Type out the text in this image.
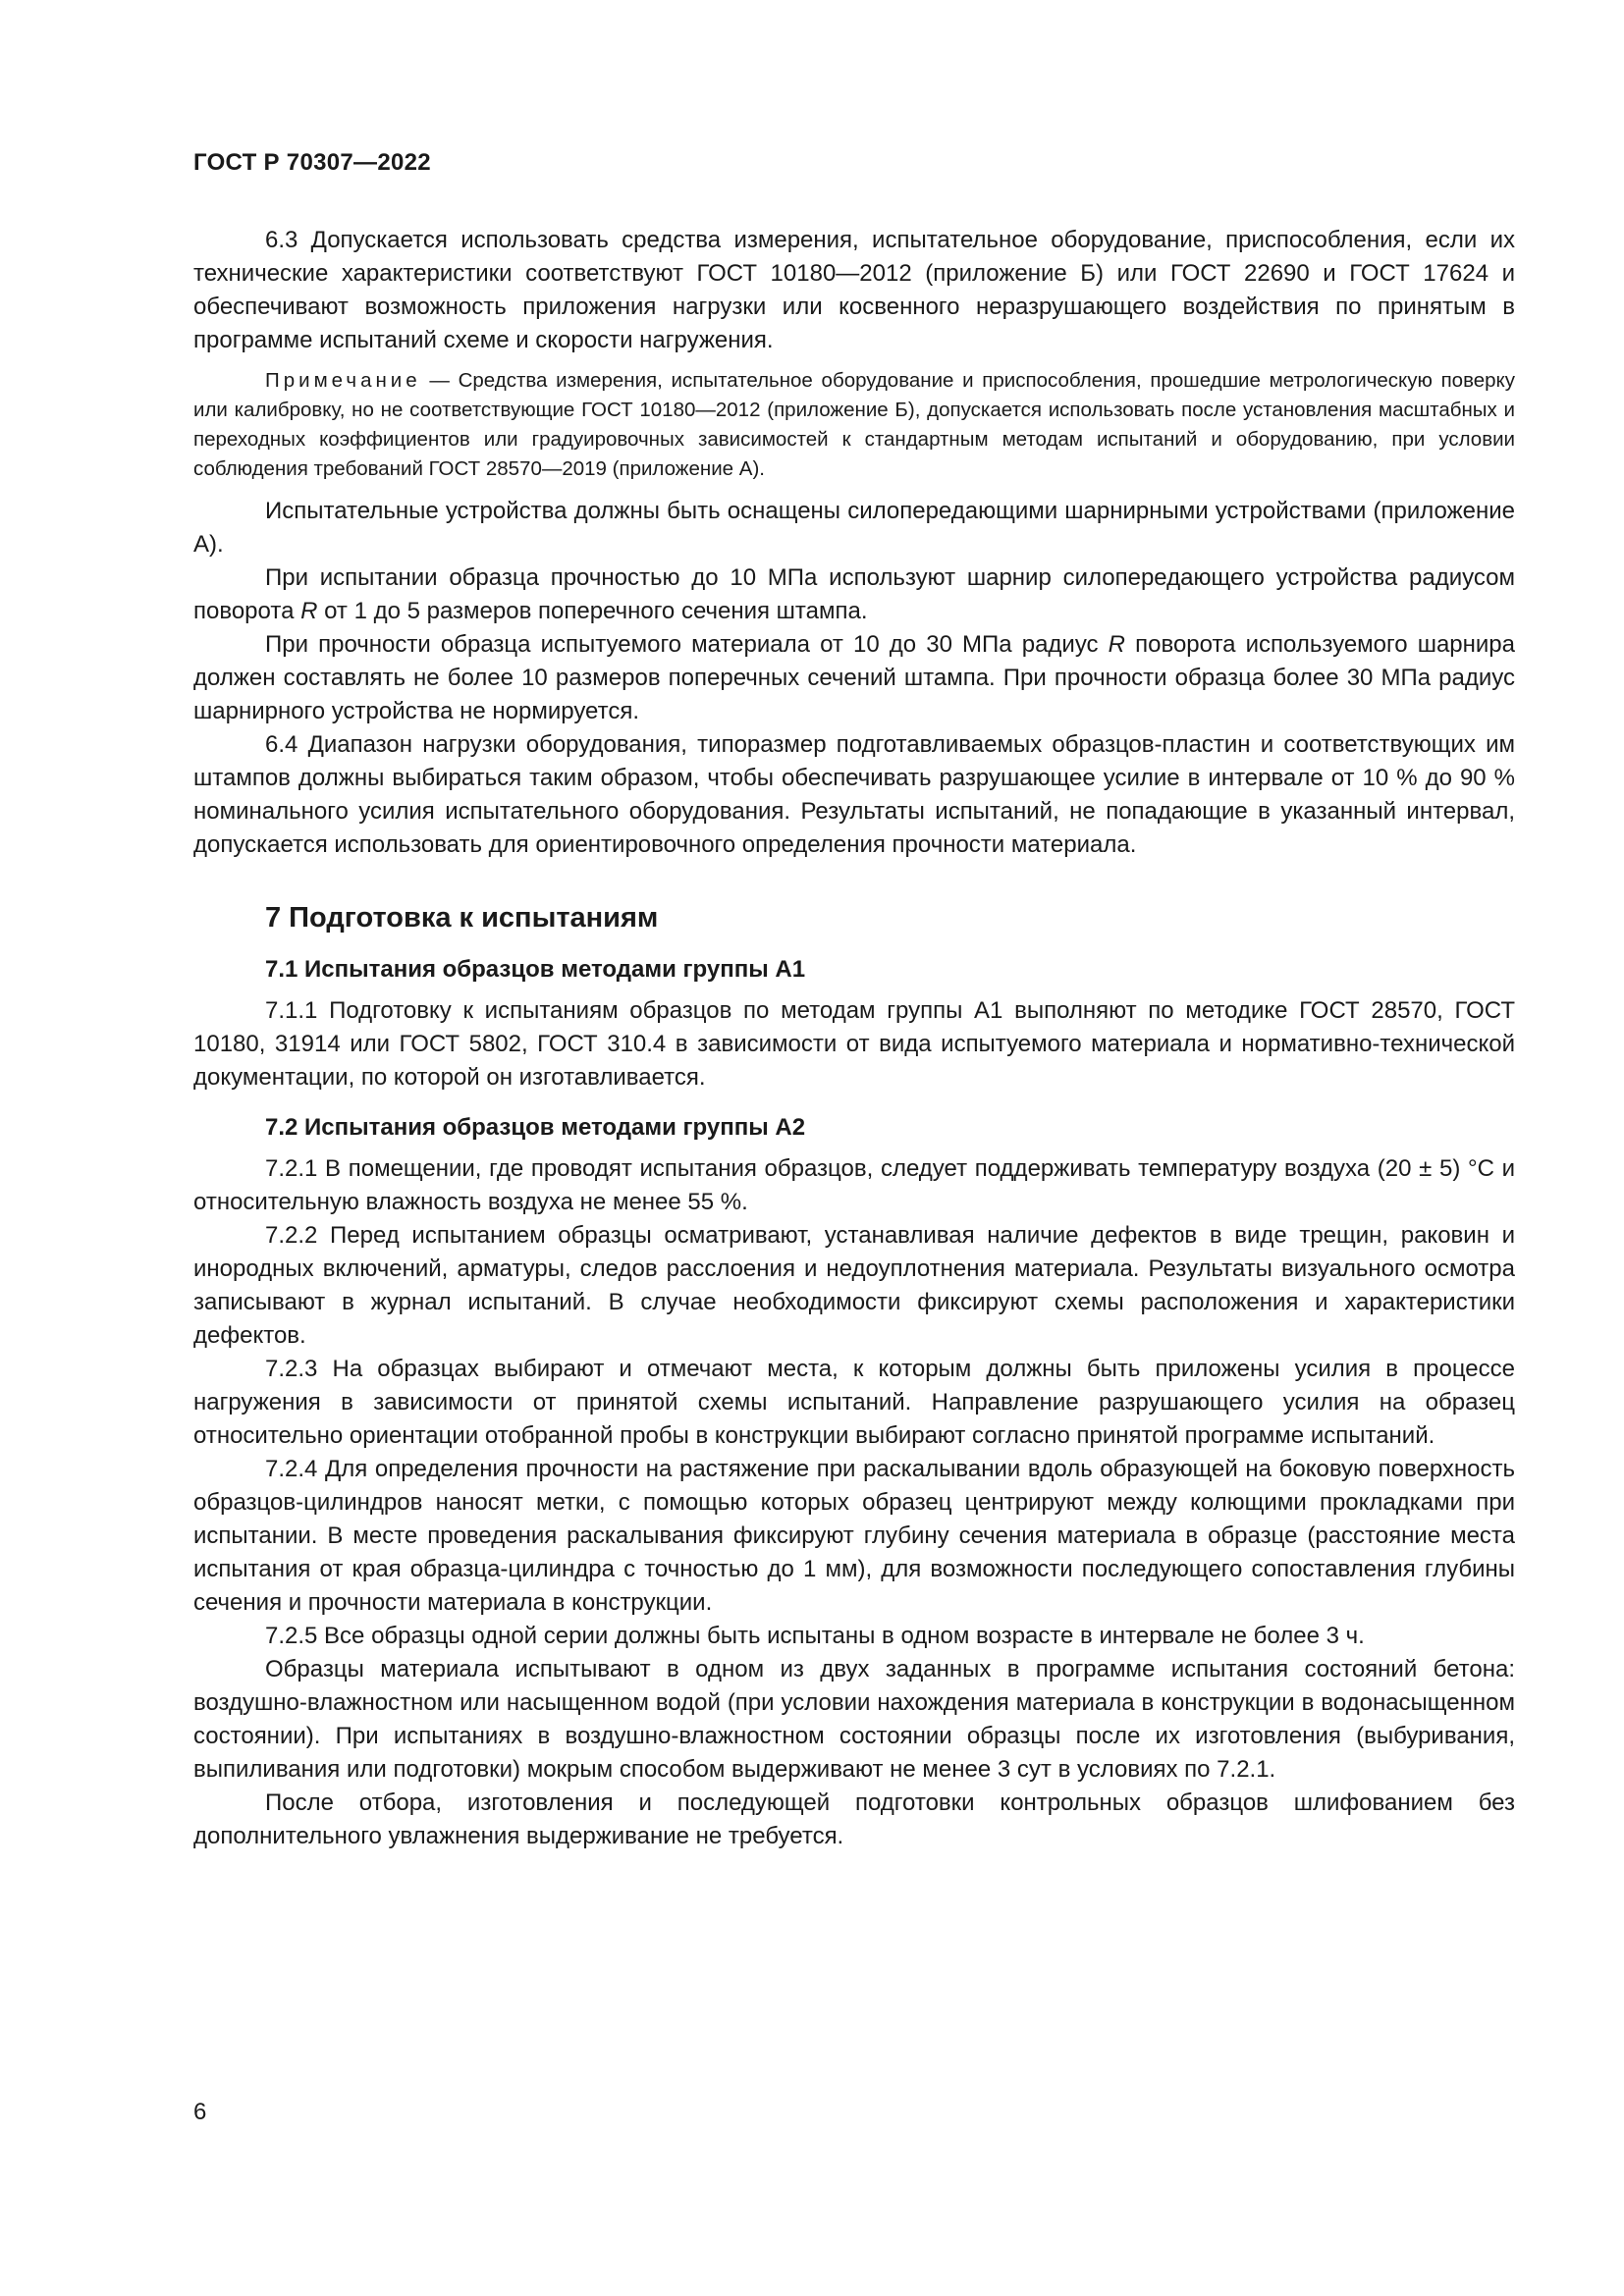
ГОСТ Р 70307—2022

6.3 Допускается использовать средства измерения, испытательное оборудование, приспособления, если их технические характеристики соответствуют ГОСТ 10180—2012 (приложение Б) или ГОСТ 22690 и ГОСТ 17624 и обеспечивают возможность приложения нагрузки или косвенного неразрушающего воздействия по принятым в программе испытаний схеме и скорости нагружения.

Примечание — Средства измерения, испытательное оборудование и приспособления, прошедшие метрологическую поверку или калибровку, но не соответствующие ГОСТ 10180—2012 (приложение Б), допускается использовать после установления масштабных и переходных коэффициентов или градуировочных зависимостей к стандартным методам испытаний и оборудованию, при условии соблюдения требований ГОСТ 28570—2019 (приложение А).

Испытательные устройства должны быть оснащены силопередающими шарнирными устройствами (приложение А).

При испытании образца прочностью до 10 МПа используют шарнир силопередающего устройства радиусом поворота R от 1 до 5 размеров поперечного сечения штампа.

При прочности образца испытуемого материала от 10 до 30 МПа радиус R поворота используемого шарнира должен составлять не более 10 размеров поперечных сечений штампа. При прочности образца более 30 МПа радиус шарнирного устройства не нормируется.

6.4 Диапазон нагрузки оборудования, типоразмер подготавливаемых образцов-пластин и соответствующих им штампов должны выбираться таким образом, чтобы обеспечивать разрушающее усилие в интервале от 10 % до 90 % номинального усилия испытательного оборудования. Результаты испытаний, не попадающие в указанный интервал, допускается использовать для ориентировочного определения прочности материала.

7 Подготовка к испытаниям
7.1 Испытания образцов методами группы А1

7.1.1 Подготовку к испытаниям образцов по методам группы А1 выполняют по методике ГОСТ 28570, ГОСТ 10180, 31914 или ГОСТ 5802, ГОСТ 310.4 в зависимости от вида испытуемого материала и нормативно-технической документации, по которой он изготавливается.

7.2 Испытания образцов методами группы А2

7.2.1 В помещении, где проводят испытания образцов, следует поддерживать температуру воздуха (20 ± 5) °С и относительную влажность воздуха не менее 55 %.

7.2.2 Перед испытанием образцы осматривают, устанавливая наличие дефектов в виде трещин, раковин и инородных включений, арматуры, следов расслоения и недоуплотнения материала. Результаты визуального осмотра записывают в журнал испытаний. В случае необходимости фиксируют схемы расположения и характеристики дефектов.

7.2.3 На образцах выбирают и отмечают места, к которым должны быть приложены усилия в процессе нагружения в зависимости от принятой схемы испытаний. Направление разрушающего усилия на образец относительно ориентации отобранной пробы в конструкции выбирают согласно принятой программе испытаний.

7.2.4 Для определения прочности на растяжение при раскалывании вдоль образующей на боковую поверхность образцов-цилиндров наносят метки, с помощью которых образец центрируют между колющими прокладками при испытании. В месте проведения раскалывания фиксируют глубину сечения материала в образце (расстояние места испытания от края образца-цилиндра с точностью до 1 мм), для возможности последующего сопоставления глубины сечения и прочности материала в конструкции.

7.2.5 Все образцы одной серии должны быть испытаны в одном возрасте в интервале не более 3 ч.

Образцы материала испытывают в одном из двух заданных в программе испытания состояний бетона: воздушно-влажностном или насыщенном водой (при условии нахождения материала в конструкции в водонасыщенном состоянии). При испытаниях в воздушно-влажностном состоянии образцы после их изготовления (выбуривания, выпиливания или подготовки) мокрым способом выдерживают не менее 3 сут в условиях по 7.2.1.

После отбора, изготовления и последующей подготовки контрольных образцов шлифованием без дополнительного увлажнения выдерживание не требуется.

6
